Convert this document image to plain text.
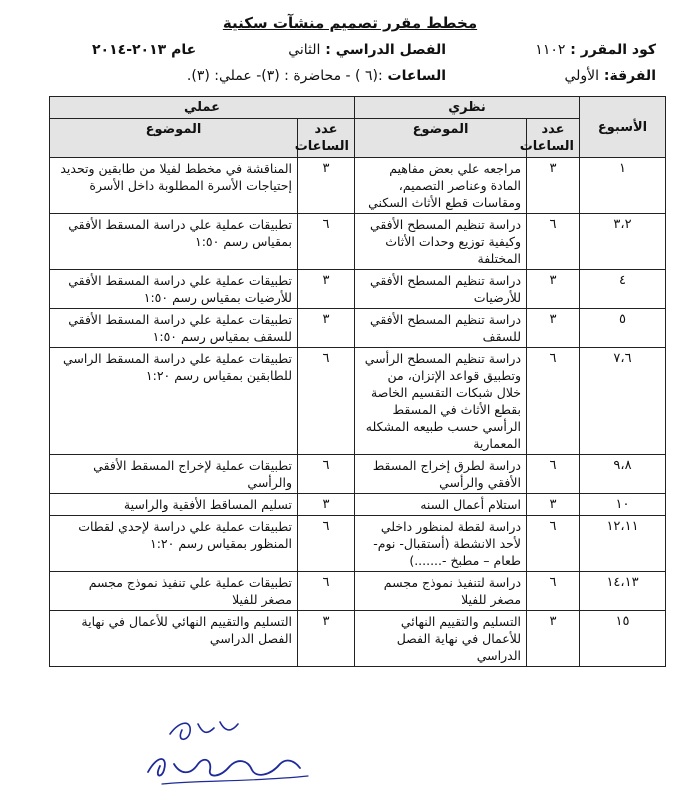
مخطط مقرر تصميم منشآت سكنية
كود المقرر : ١١٠٢
الفصل الدراسي : الثاني
عام ٢٠١٣-٢٠١٤
الفرقة: الأولي
الساعات :(٦ ) - محاضرة : (٣)- عملي: (٣).
الأسبوع	نظري		عملي	
	عدد الساعات	الموضوع	عدد الساعات	الموضوع
١	٣	مراجعه علي بعض مفاهيم المادة وعناصر التصميم، ومقاسات قطع الأثاث السكني	٣	المناقشة في مخطط لفيلا من طابقين وتحديد إحتياجات الأسرة المطلوبة داخل الأسرة
٣،٢	٦	دراسة تنظيم المسطح الأفقي وكيفية توزيع وحدات الأثاث المختلفة	٦	تطبيقات عملية علي دراسة المسقط الأفقي بمقياس رسم ١:٥٠
٤	٣	دراسة تنظيم المسطح الأفقي للأرضيات	٣	تطبيقات عملية علي دراسة المسقط الأفقي للأرضيات بمقياس رسم ١:٥٠
٥	٣	دراسة تنظيم المسطح الأفقي للسقف	٣	تطبيقات عملية علي دراسة المسقط الأفقي للسقف بمقياس رسم ١:٥٠
٧،٦	٦	دراسة تنظيم المسطح الرأسي وتطبيق قواعد الإتزان، من خلال شبكات التقسيم الخاصة بقطع الأثاث في المسقط الرأسي حسب طبيعه المشكله المعمارية	٦	تطبيقات عملية علي دراسة المسقط الراسي للطابقين بمقياس رسم ١:٢٠
٩،٨	٦	دراسة لطرق إخراج المسقط الأفقي والرأسي	٦	تطبيقات عملية لإخراج المسقط الأفقي والرأسي
١٠	٣	استلام أعمال السنه	٣	تسليم المساقط الأفقية والراسية
١٢،١١	٦	دراسة لقطة لمنظور داخلي لأحد الانشطة (أستقبال- نوم- طعام – مطبخ -.......)	٦	تطبيقات عملية علي دراسة لإحدي لقطات المنظور بمقياس رسم ١:٢٠
١٤،١٣	٦	دراسة لتنفيذ نموذج مجسم مصغر للفيلا	٦	تطبيقات عملية علي تنفيذ نموذج مجسم مصغر للفيلا
١٥	٣	التسليم والتقييم النهائي للأعمال في نهاية الفصل الدراسي	٣	التسليم والتقييم النهائي للأعمال في نهاية الفصل الدراسي
